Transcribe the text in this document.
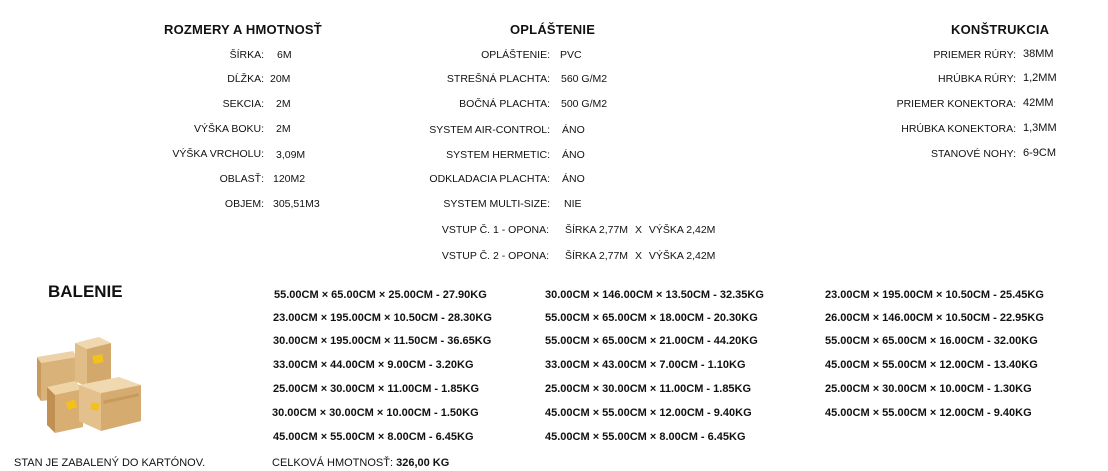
ROZMERY A HMOTNOSŤ	OPLÁŠTENIE	KONŠTRUKCIA
ŠÍRKA: 6M
DĹŽKA: 20M
SEKCIA: 2M
VÝŠKA BOKU: 2M
VÝŠKA VRCHOLU: 3,09M
OBLASŤ: 120M2
OBJEM: 305,51M3
OPLÁŠTENIE: PVC
STREŠNÁ PLACHTA: 560 G/M2
BOČNÁ PLACHTA: 500 G/M2
SYSTEM AIR-CONTROL: ÁNO
SYSTEM HERMETIC: ÁNO
ODKLADACIA PLACHTA: ÁNO
SYSTEM MULTI-SIZE: NIE
VSTUP Č. 1 - OPONA: ŠÍRKA 2,77M X VÝŠKA 2,42M
VSTUP Č. 2 - OPONA: ŠÍRKA 2,77M X VÝŠKA 2,42M
PRIEMER RÚRY: 38MM
HRÚBKA RÚRY: 1,2MM
PRIEMER KONEKTORA: 42MM
HRÚBKA KONEKTORA: 1,3MM
STANOVÉ NOHY: 6-9CM
BALENIE
STAN JE ZABALENÝ DO KARTÓNOV.
55.00CM × 65.00CM × 25.00CM - 27.90KG
23.00CM × 195.00CM × 10.50CM - 28.30KG
30.00CM × 195.00CM × 11.50CM - 36.65KG
33.00CM × 44.00CM × 9.00CM - 3.20KG
25.00CM × 30.00CM × 11.00CM - 1.85KG
30.00CM × 30.00CM × 10.00CM - 1.50KG
45.00CM × 55.00CM × 8.00CM - 6.45KG
30.00CM × 146.00CM × 13.50CM - 32.35KG
55.00CM × 65.00CM × 18.00CM - 20.30KG
55.00CM × 65.00CM × 21.00CM - 44.20KG
33.00CM × 43.00CM × 7.00CM - 1.10KG
25.00CM × 30.00CM × 11.00CM - 1.85KG
45.00CM × 55.00CM × 12.00CM - 9.40KG
45.00CM × 55.00CM × 8.00CM - 6.45KG
23.00CM × 195.00CM × 10.50CM - 25.45KG
26.00CM × 146.00CM × 10.50CM - 22.95KG
55.00CM × 65.00CM × 16.00CM - 32.00KG
45.00CM × 55.00CM × 12.00CM - 13.40KG
25.00CM × 30.00CM × 10.00CM - 1.30KG
45.00CM × 55.00CM × 12.00CM - 9.40KG
CELKOVÁ HMOTNOSŤ: 326,00 KG
